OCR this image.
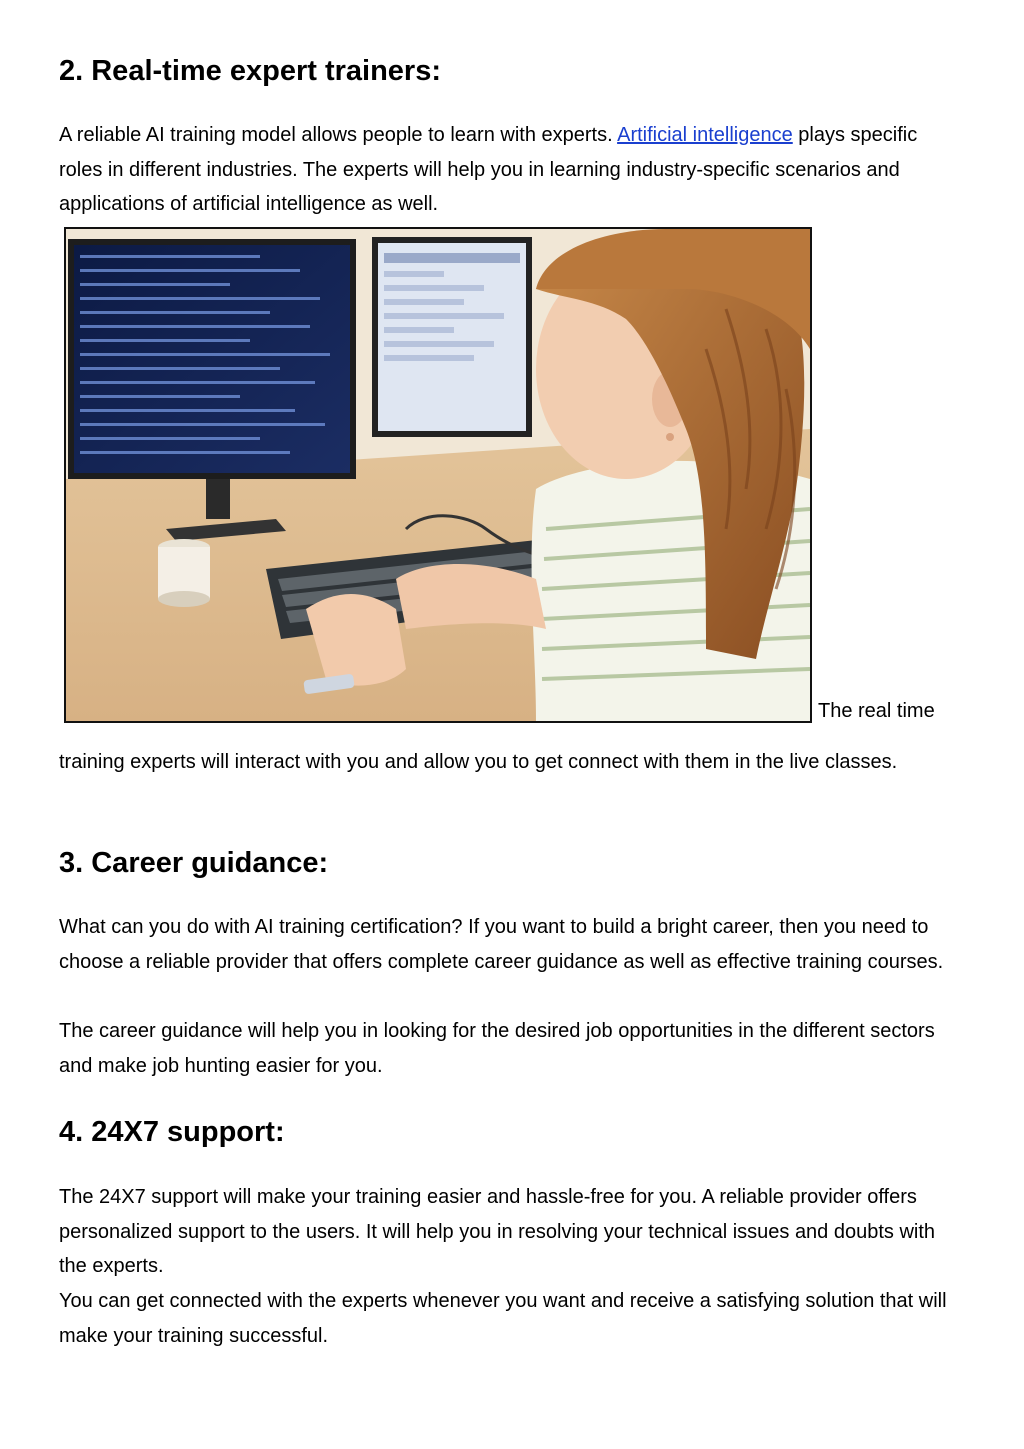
2. Real-time expert trainers:

A reliable AI training model allows people to learn with experts. Artificial intelligence plays specific roles in different industries. The experts will help you in learning industry-specific scenarios and applications of artificial intelligence as well.

The real time

training experts will interact with you and allow you to get connect with them in the live classes.

3. Career guidance:

What can you do with AI training certification? If you want to build a bright career, then you need to choose a reliable provider that offers complete career guidance as well as effective training courses.

The career guidance will help you in looking for the desired job opportunities in the different sectors and make job hunting easier for you.

4. 24X7 support:

The 24X7 support will make your training easier and hassle-free for you. A reliable provider offers personalized support to the users. It will help you in resolving your technical issues and doubts with the experts.

You can get connected with the experts whenever you want and receive a satisfying solution that will make your training successful.
